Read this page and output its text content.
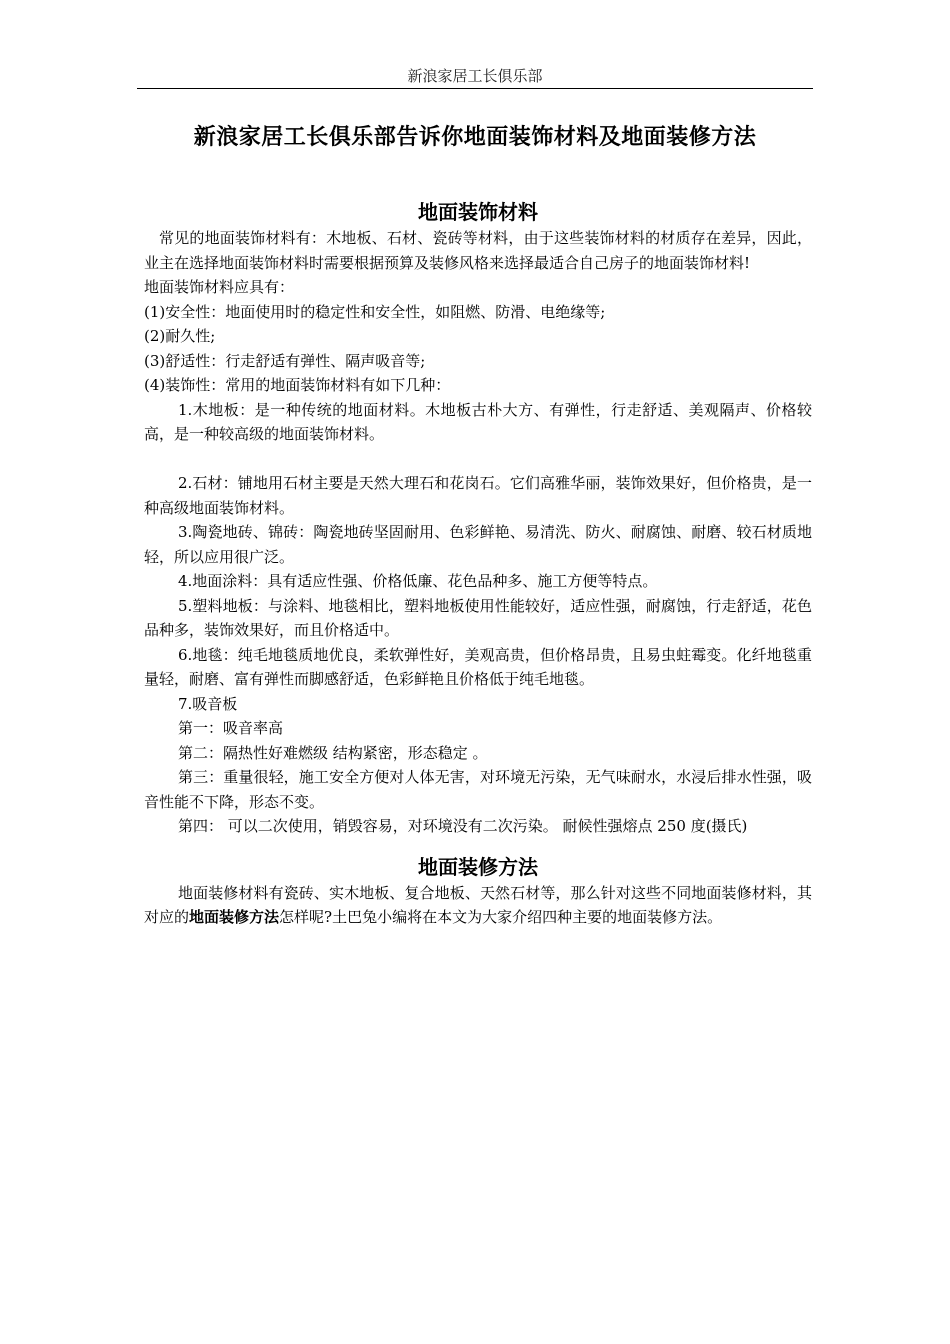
新浪家居工长俱乐部
新浪家居工长俱乐部告诉你地面装饰材料及地面装修方法
地面装饰材料

常见的地面装饰材料有：木地板、石材、瓷砖等材料，由于这些装饰材料的材质存在差异，因此，业主在选择地面装饰材料时需要根据预算及装修风格来选择最适合自己房子的地面装饰材料!

地面装饰材料应具有：

(1)安全性：地面使用时的稳定性和安全性，如阻燃、防滑、电绝缘等;

(2)耐久性;

(3)舒适性：行走舒适有弹性、隔声吸音等;

(4)装饰性：常用的地面装饰材料有如下几种：

1.木地板：是一种传统的地面材料。木地板古朴大方、有弹性，行走舒适、美观隔声、价格较高，是一种较高级的地面装饰材料。

2.石材：铺地用石材主要是天然大理石和花岗石。它们高雅华丽，装饰效果好，但价格贵，是一种高级地面装饰材料。

3.陶瓷地砖、锦砖：陶瓷地砖坚固耐用、色彩鲜艳、易清洗、防火、耐腐蚀、耐磨、较石材质地轻，所以应用很广泛。

4.地面涂料：具有适应性强、价格低廉、花色品种多、施工方便等特点。

5.塑料地板：与涂料、地毯相比，塑料地板使用性能较好，适应性强，耐腐蚀，行走舒适，花色品种多，装饰效果好，而且价格适中。

6.地毯：纯毛地毯质地优良，柔软弹性好，美观高贵，但价格昂贵，且易虫蛀霉变。化纤地毯重量轻，耐磨、富有弹性而脚感舒适，色彩鲜艳且价格低于纯毛地毯。

7.吸音板

第一：吸音率高

第二：隔热性好难燃级 结构紧密，形态稳定 。

第三：重量很轻，施工安全方便对人体无害，对环境无污染，无气味耐水，水浸后排水性强，吸音性能不下降，形态不变。

第四： 可以二次使用，销毁容易，对环境没有二次污染。 耐候性强熔点 250 度(摄氏)

地面装修方法

地面装修材料有瓷砖、实木地板、复合地板、天然石材等，那么针对这些不同地面装修材料，其对应的地面装修方法怎样呢?土巴兔小编将在本文为大家介绍四种主要的地面装修方法。
